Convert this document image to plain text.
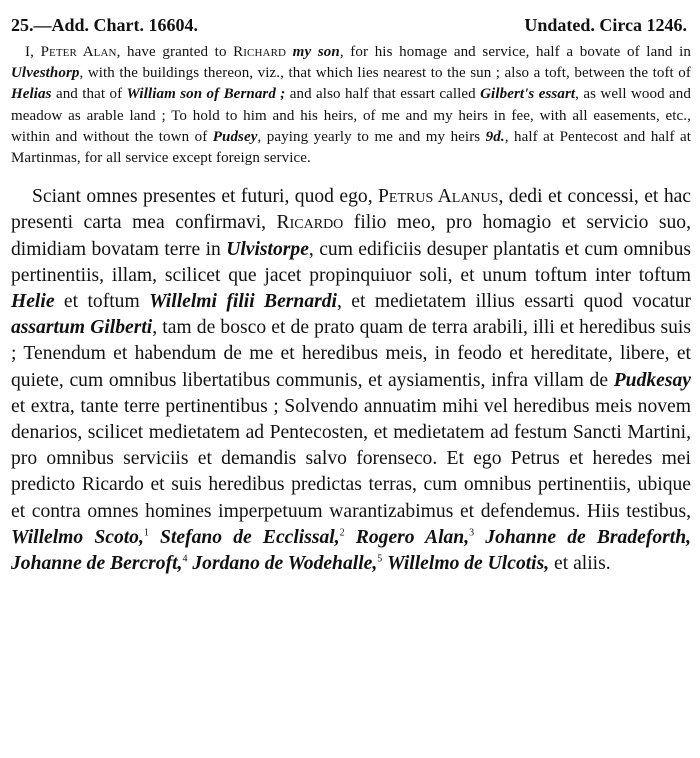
25.—Add. Chart. 16604.	Undated. Circa 1246.

I, Peter Alan, have granted to Richard my son, for his homage and service, half a bovate of land in Ulvesthorp, with the buildings thereon, viz., that which lies nearest to the sun ; also a toft, between the toft of Helias and that of William son of Bernard ; and also half that essart called Gilbert's essart, as well wood and meadow as arable land ; To hold to him and his heirs, of me and my heirs in fee, with all easements, etc., within and without the town of Pudsey, paying yearly to me and my heirs 9d., half at Pentecost and half at Martinmas, for all service except foreign service.

Sciant omnes presentes et futuri, quod ego, Petrus Alanus, dedi et concessi, et hac presenti carta mea confirmavi, Ricardo filio meo, pro homagio et servicio suo, dimidiam bovatam terre in Ulvistorpe, cum edificiis desuper plantatis et cum omnibus pertinentiis, illam, scilicet que jacet propinquiuor soli, et unum toftum inter toftum Helie et toftum Willelmi filii Bernardi, et medietatem illius essarti quod vocatur assartum Gilberti, tam de bosco et de prato quam de terra arabili, illi et heredibus suis ; Tenendum et habendum de me et heredibus meis, in feodo et hereditate, libere, et quiete, cum omnibus libertatibus communis, et aysiamentis, infra villam de Pudkesay et extra, tante terre pertinentibus ; Solvendo annuatim mihi vel heredibus meis novem denarios, scilicet medietatem ad Pentecosten, et medietatem ad festum Sancti Martini, pro omnibus serviciis et demandis salvo forenseco. Et ego Petrus et heredes mei predicto Ricardo et suis heredibus predictas terras, cum omnibus pertinentiis, ubique et contra omnes homines imperpetuum warantizabimus et defendemus. Hiis testibus, Willelmo Scoto,$^1$ Stefano de Ecclissal,$^2$ Rogero Alan,$^3$ Johanne de Bradeforth, Johanne de Bercroft,$^4$ Jordano de Wodehalle,$^5$ Willelmo de Ulcotis, et aliis.
